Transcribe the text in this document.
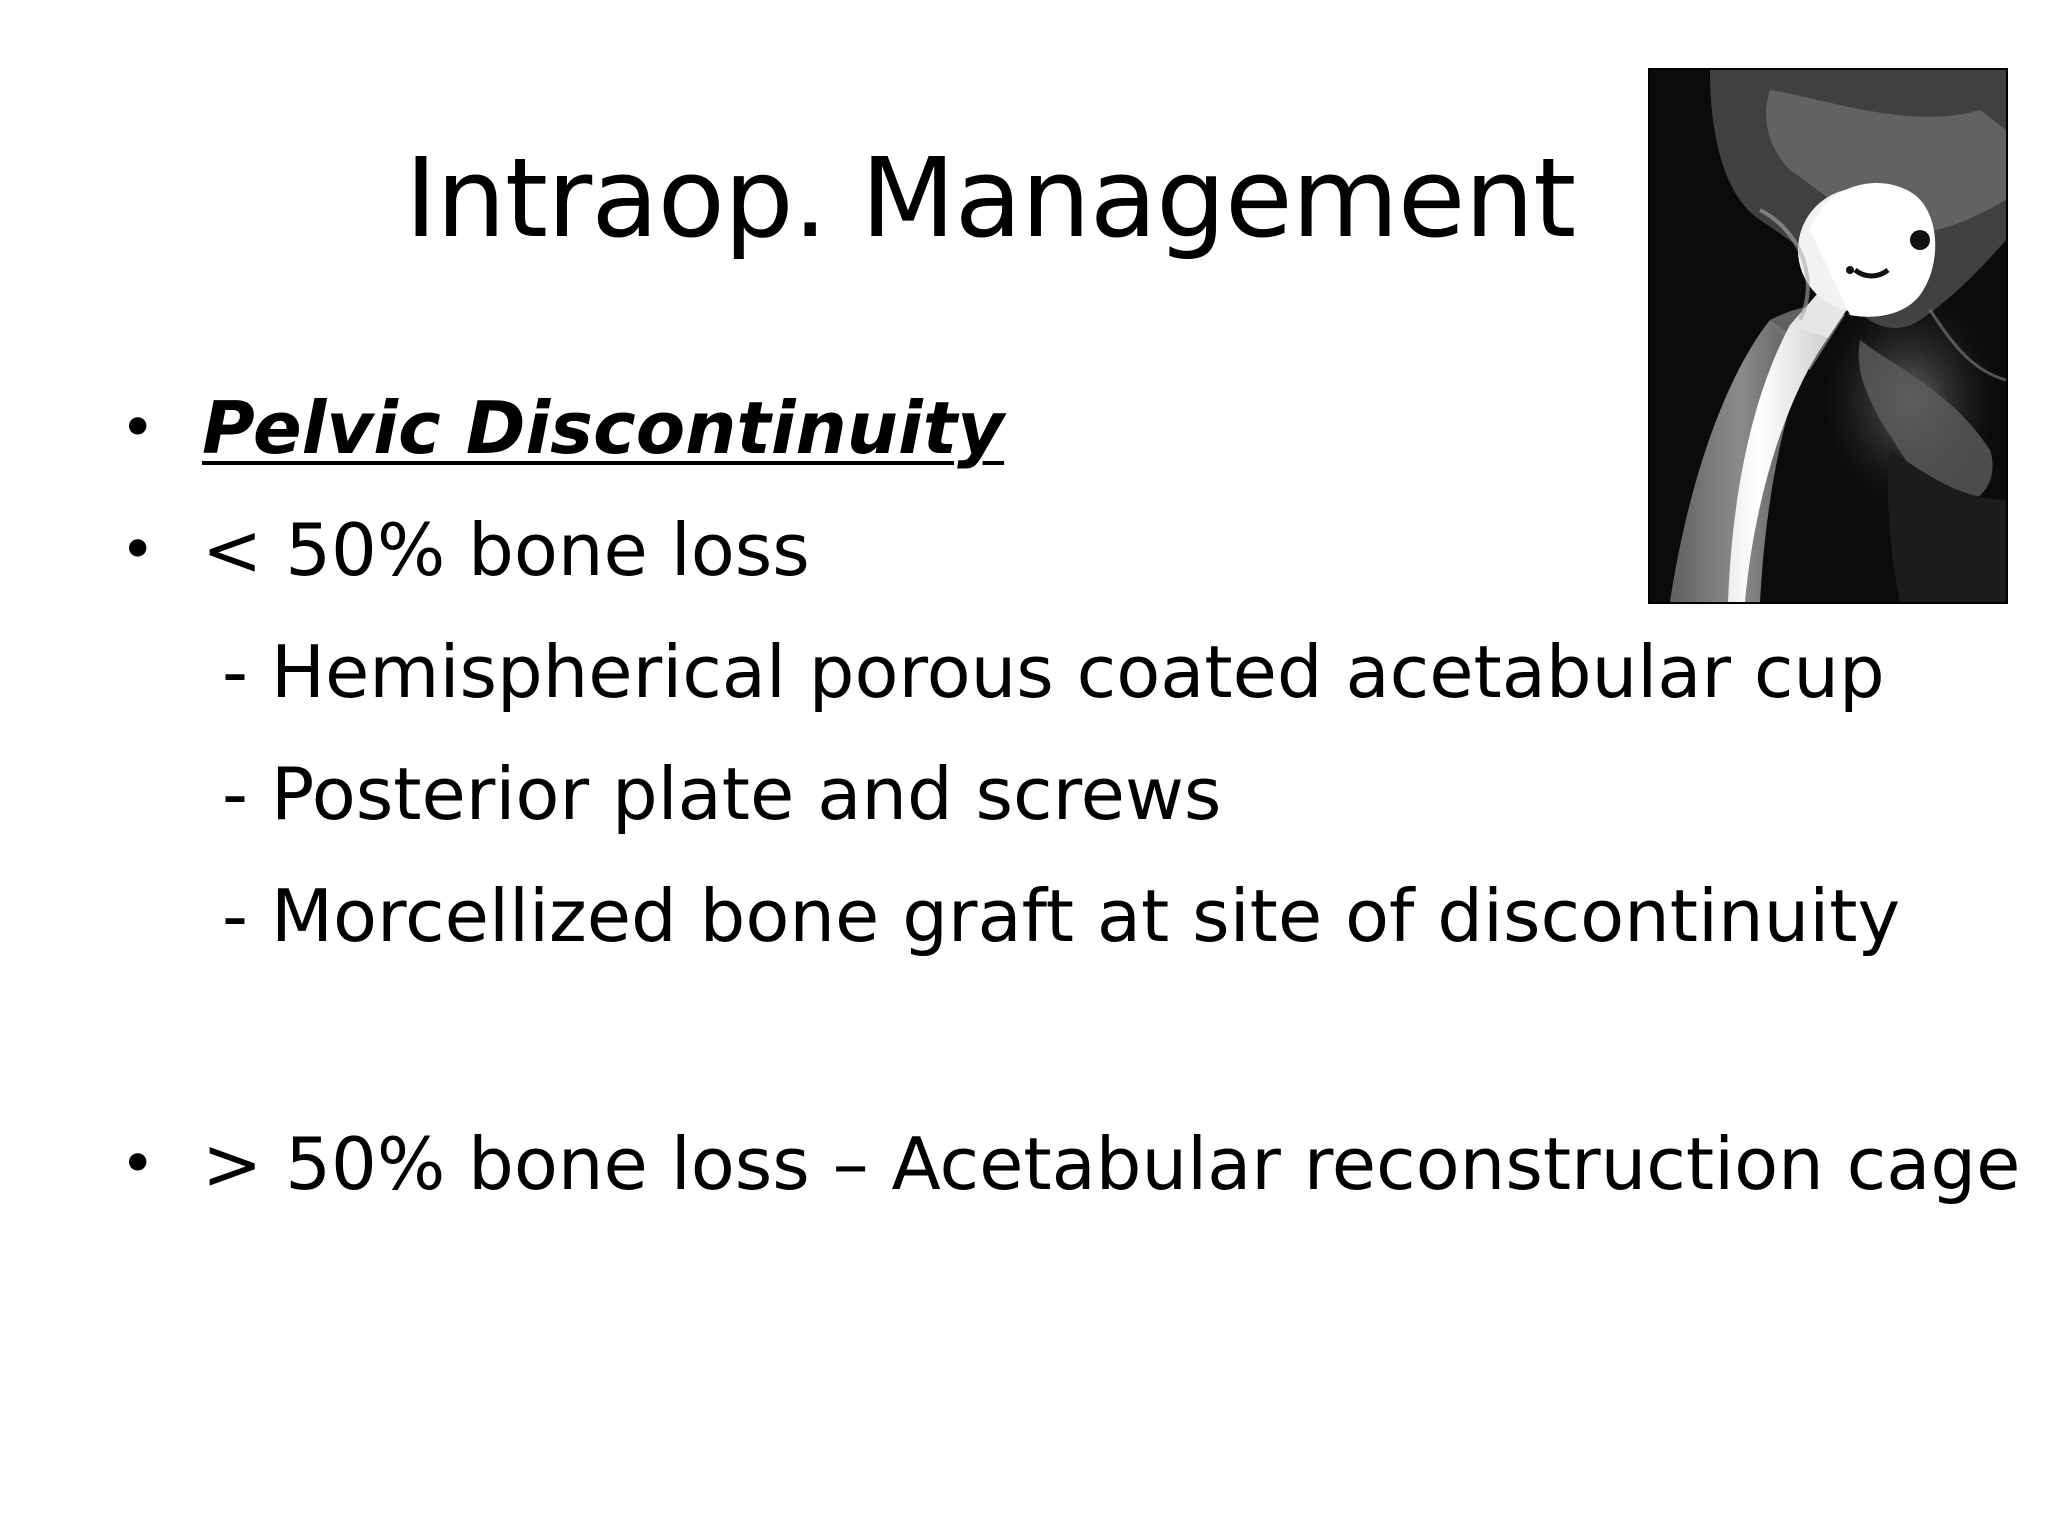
Intraop. Management
• Pelvic Discontinuity
• < 50% bone loss
- Hemispherical porous coated acetabular cup
- Posterior plate and screws
- Morcellized bone graft at site of discontinuity
• > 50% bone loss – Acetabular reconstruction cage
